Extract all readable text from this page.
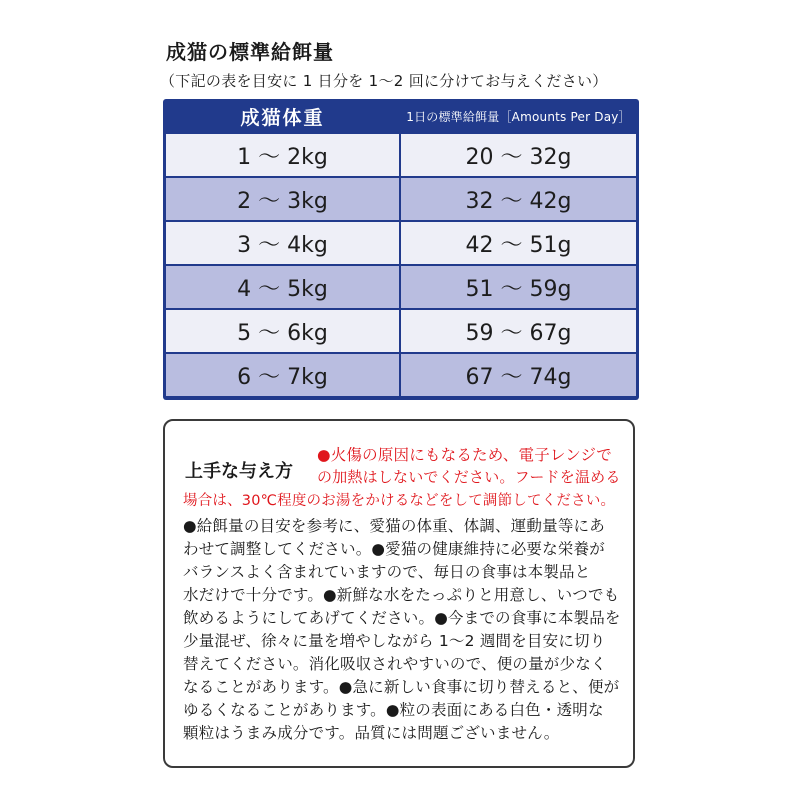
成猫の標準給餌量
（下記の表を目安に 1 日分を 1〜2 回に分けてお与えください）
成猫体重	1日の標準給餌量［Amounts Per Day］
1 〜 2kg	20 〜 32g
2 〜 3kg	32 〜 42g
3 〜 4kg	42 〜 51g
4 〜 5kg	51 〜 59g
5 〜 6kg	59 〜 67g
6 〜 7kg	67 〜 74g
上手な与え方
●火傷の原因にもなるため、電子レンジで
の加熱はしないでください。フードを温める
場合は、30℃程度のお湯をかけるなどをして調節してください。
●給餌量の目安を参考に、愛猫の体重、体調、運動量等にあ
わせて調整してください。●愛猫の健康維持に必要な栄養が
バランスよく含まれていますので、毎日の食事は本製品と
水だけで十分です。●新鮮な水をたっぷりと用意し、いつでも
飲めるようにしてあげてください。●今までの食事に本製品を
少量混ぜ、徐々に量を増やしながら 1〜2 週間を目安に切り
替えてください。消化吸収されやすいので、便の量が少なく
なることがあります。●急に新しい食事に切り替えると、便が
ゆるくなることがあります。●粒の表面にある白色・透明な
顆粒はうまみ成分です。品質には問題ございません。
